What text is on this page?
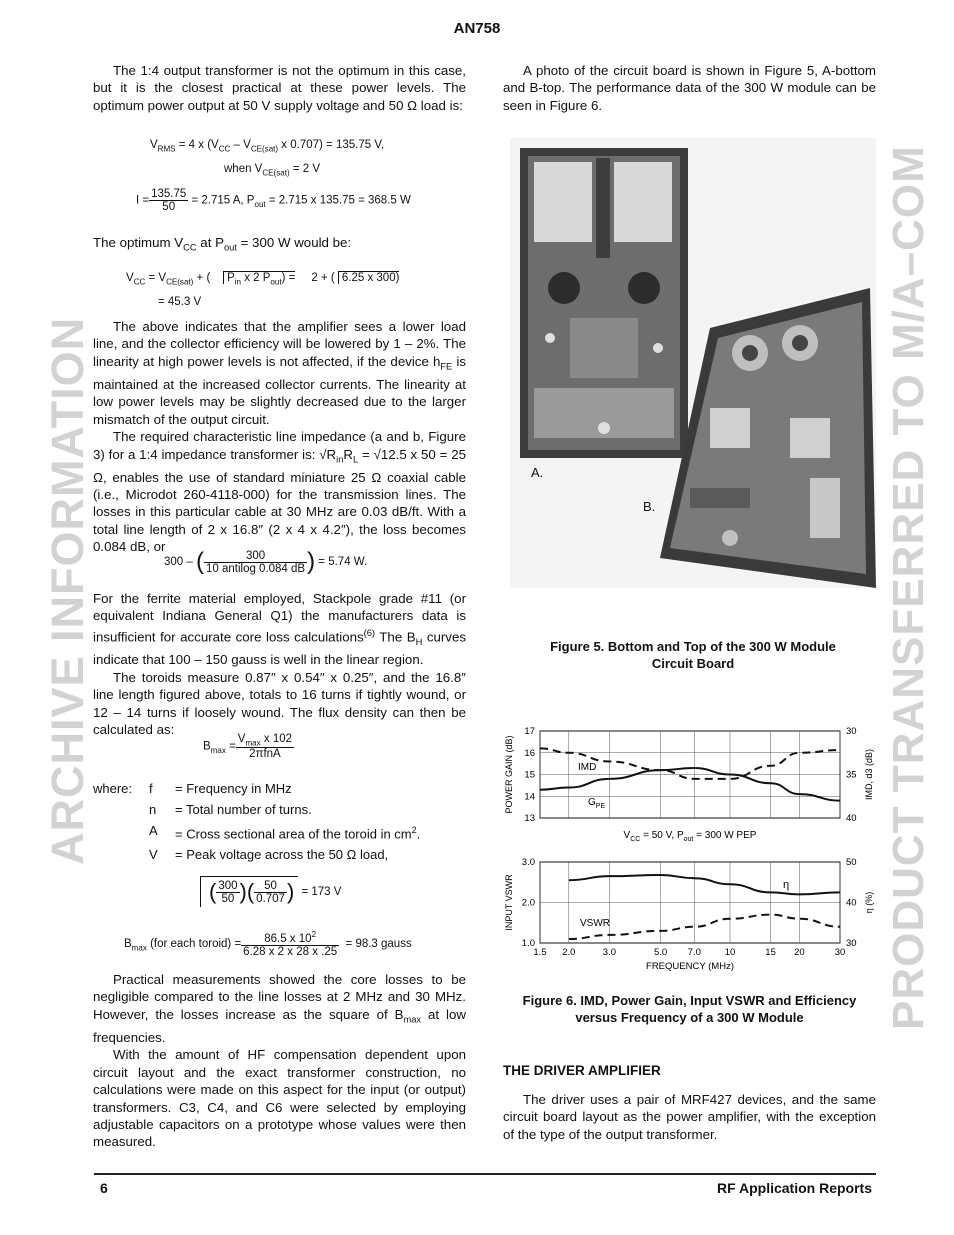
AN758
ARCHIVE INFORMATION	PRODUCT TRANSFERRED TO M/A–COM

The 1:4 output transformer is not the optimum in this case, but it is the closest practical at these power levels. The optimum power output at 50 V supply voltage and 50 Ω load is:

$V_{RMS} = 4$ x ($V_{CC} - V_{CE(sat)}$ x 0.707) = 135.75 V,
when $V_{CE(sat)} = 2$ V
$I = \frac{135.75}{50} = 2.715$ A, $P_{out} = 2.715$ x 135.75 = 368.5 W
The optimum $V_{CC}$ at $P_{out} = 300$ W would be:
$V_{CC} = V_{CE(sat)}$ + (    $P_{in}$ x 2 $P_{out}$) =     2 + ( 6.25 x 300)
= 45.3 V

The above indicates that the amplifier sees a lower load line, and the collector efficiency will be lowered by 1 – 2%. The linearity at high power levels is not affected, if the device $h_{FE}$ is maintained at the increased collector currents. The linearity at low power levels may be slightly decreased due to the larger mismatch of the output circuit.

The required characteristic line impedance (a and b, Figure 3) for a 1:4 impedance transformer is: $√R_{in}R_L = √12.5$ x 50 = 25 Ω, enables the use of standard miniature 25 Ω coaxial cable (i.e., Microdot 260-4118-000) for the transmission lines. The losses in this particular cable at 30 MHz are 0.03 dB/ft. With a total line length of 2 x 16.8″ (2 x 4 x 4.2″), the loss becomes 0.084 dB, or

300 – ( $\frac{300}{\text{10 antilog 0.084 dB}}$ ) = 5.74 W.

For the ferrite material employed, Stackpole grade #11 (or equivalent Indiana General Q1) the manufacturers data is insufficient for accurate core loss calculations$^{(6)}$ The $B_H$ curves indicate that 100 – 150 gauss is well in the linear region.

The toroids measure 0.87″ x 0.54″ x 0.25″, and the 16.8″ line length figured above, totals to 16 turns if tightly wound, or 12 – 14 turns if loosely wound. The flux density can then be calculated as:

$B_{max} = \frac{V_{max} x 102}{\text{2πfnA}}$
where:	f	= Frequency in MHz
	n	= Total number of turns.
	A	= Cross sectional area of the toroid in $cm^2$.
	V	= Peak voltage across the 50 Ω load,
( $\frac{300}{50}$ )( $\frac{50}{0.707}$ ) = 173 V
$B_{max}$ (for each toroid) = $\frac{86.5 x 10^2}{6.28 x 2 x 28 x .25} = 98.3$ gauss

Practical measurements showed the core losses to be negligible compared to the line losses at 2 MHz and 30 MHz. However, the losses increase as the square of $B_{max}$ at low frequencies.

With the amount of HF compensation dependent upon circuit layout and the exact transformer construction, no calculations were made on this aspect for the input (or output) transformers. C3, C4, and C6 were selected by employing adjustable capacitors on a prototype whose values were then measured.

A photo of the circuit board is shown in Figure 5, A-bottom and B-top. The performance data of the 300 W module can be seen in Figure 6.

A.
B.
Figure 5. Bottom and Top of the 300 W Module Circuit Board
17
16
15
14
13
30
35
40
POWER GAIN (dB)	IMD, d3 (dB)
3.0
2.0
1.0
50
40
30
INPUT VSWR	η (%)
IMD
$G_{PE}$
η
VSWR
$V_{CC} = 50$ V, $P_{out} = 300$ W PEP
1.5 2.0	3.0	5.0 7.0	10	15 20	30
FREQUENCY (MHz)
Figure 6. IMD, Power Gain, Input VSWR and Efficiency versus Frequency of a 300 W Module
THE DRIVER AMPLIFIER

The driver uses a pair of MRF427 devices, and the same circuit board layout as the power amplifier, with the exception of the type of the output transformer.

6	RF Application Reports
